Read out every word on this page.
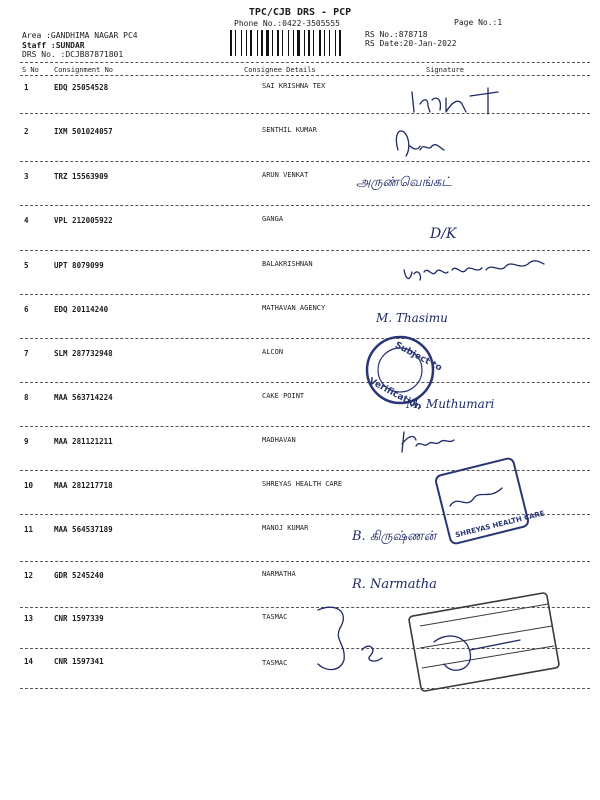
TPC/CJB DRS - PCP
Phone No.:0422-3505555	Page No.:1
Area :GANDHIMA NAGAR PC4
Staff :SUNDAR
DRS No. :DCJB87871801
RS No.:878718
RS Date:20-Jan-2022
S No Consignment No	Consignee Details	Signature
1	EDQ 25054528	SAI KRISHNA TEX
2	IXM 501024057	SENTHIL KUMAR
3	TRZ 15563909	ARUN VENKAT
4	VPL 212005922	GANGA
5	UPT 8079099	BALAKRISHNAN
6	EDQ 20114240	MATHAVAN AGENCY
7	SLM 287732948	ALCON
8	MAA 563714224	CAKE POINT
9	MAA 281121211	MADHAVAN
10	MAA 281217718	SHREYAS HEALTH CARE
11	MAA 564537189	MANOJ KUMAR
12	GDR 5245240	NARMATHA
13	CNR 1597339	TASMAC
14	CNR 1597341	TASMAC
அருண்வெங்கட்
D/K
M. Thasimu
B. கிருஷ்ணன்
R. Narmatha
Subject to
Verification
M. Muthumari
SHREYAS HEALTH CARE
